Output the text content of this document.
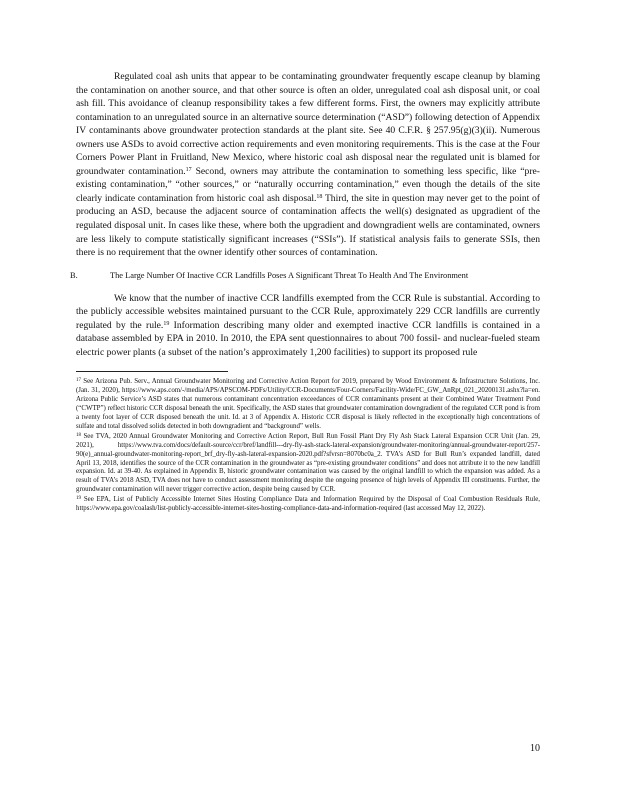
Regulated coal ash units that appear to be contaminating groundwater frequently escape cleanup by blaming the contamination on another source, and that other source is often an older, unregulated coal ash disposal unit, or coal ash fill. This avoidance of cleanup responsibility takes a few different forms. First, the owners may explicitly attribute contamination to an unregulated source in an alternative source determination (“ASD”) following detection of Appendix IV contaminants above groundwater protection standards at the plant site. See 40 C.F.R. § 257.95(g)(3)(ii). Numerous owners use ASDs to avoid corrective action requirements and even monitoring requirements. This is the case at the Four Corners Power Plant in Fruitland, New Mexico, where historic coal ash disposal near the regulated unit is blamed for groundwater contamination.$^{17}$ Second, owners may attribute the contamination to something less specific, like “pre-existing contamination,” “other sources,” or “naturally occurring contamination,” even though the details of the site clearly indicate contamination from historic coal ash disposal.$^{18}$ Third, the site in question may never get to the point of producing an ASD, because the adjacent source of contamination affects the well(s) designated as upgradient of the regulated disposal unit. In cases like these, where both the upgradient and downgradient wells are contaminated, owners are less likely to compute statistically significant increases (“SSIs”). If statistical analysis fails to generate SSIs, then there is no requirement that the owner identify other sources of contamination.

B.	The Large Number Of Inactive CCR Landfills Poses A Significant Threat To Health And The Environment

We know that the number of inactive CCR landfills exempted from the CCR Rule is substantial. According to the publicly accessible websites maintained pursuant to the CCR Rule, approximately 229 CCR landfills are currently regulated by the rule.$^{19}$ Information describing many older and exempted inactive CCR landfills is contained in a database assembled by EPA in 2010. In 2010, the EPA sent questionnaires to about 700 fossil- and nuclear-fueled steam electric power plants (a subset of the nation’s approximately 1,200 facilities) to support its proposed rule

$^{17}$ See Arizona Pub. Serv., Annual Groundwater Monitoring and Corrective Action Report for 2019, prepared by Wood Environment & Infrastructure Solutions, Inc. (Jan. 31, 2020), https://www.aps.com/-/media/APS/APSCOM-PDFs/Utility/CCR-Documents/Four-Corners/Facility-Wide/FC_GW_AnRpt_021_20200131.ashx?la=en. Arizona Public Service’s ASD states that numerous contaminant concentration exceedances of CCR contaminants present at their Combined Water Treatment Pond (“CWTP”) reflect historic CCR disposal beneath the unit. Specifically, the ASD states that groundwater contamination downgradient of the regulated CCR pond is from a twenty foot layer of CCR disposed beneath the unit. Id. at 3 of Appendix A. Historic CCR disposal is likely reflected in the exceptionally high concentrations of sulfate and total dissolved solids detected in both downgradient and “background” wells.

$^{18}$ See TVA, 2020 Annual Groundwater Monitoring and Corrective Action Report, Bull Run Fossil Plant Dry Fly Ash Stack Lateral Expansion CCR Unit (Jan. 29, 2021), https://www.tva.com/docs/default-source/ccr/bref/landfill---dry-fly-ash-stack-lateral-expansion/groundwater-monitoring/annual-groundwater-report/257-90(e)_annual-groundwater-monitoring-report_brf_dry-fly-ash-lateral-expansion-2020.pdf?sfvrsn=8070bc0a_2. TVA’s ASD for Bull Run’s expanded landfill, dated April 13, 2018, identifies the source of the CCR contamination in the groundwater as “pre-existing groundwater conditions” and does not attribute it to the new landfill expansion. Id. at 39-40. As explained in Appendix B, historic groundwater contamination was caused by the original landfill to which the expansion was added. As a result of TVA’s 2018 ASD, TVA does not have to conduct assessment monitoring despite the ongoing presence of high levels of Appendix III constituents. Further, the groundwater contamination will never trigger corrective action, despite being caused by CCR.

$^{19}$ See EPA, List of Publicly Accessible Internet Sites Hosting Compliance Data and Information Required by the Disposal of Coal Combustion Residuals Rule, https://www.epa.gov/coalash/list-publicly-accessible-internet-sites-hosting-compliance-data-and-information-required (last accessed May 12, 2022).

10
